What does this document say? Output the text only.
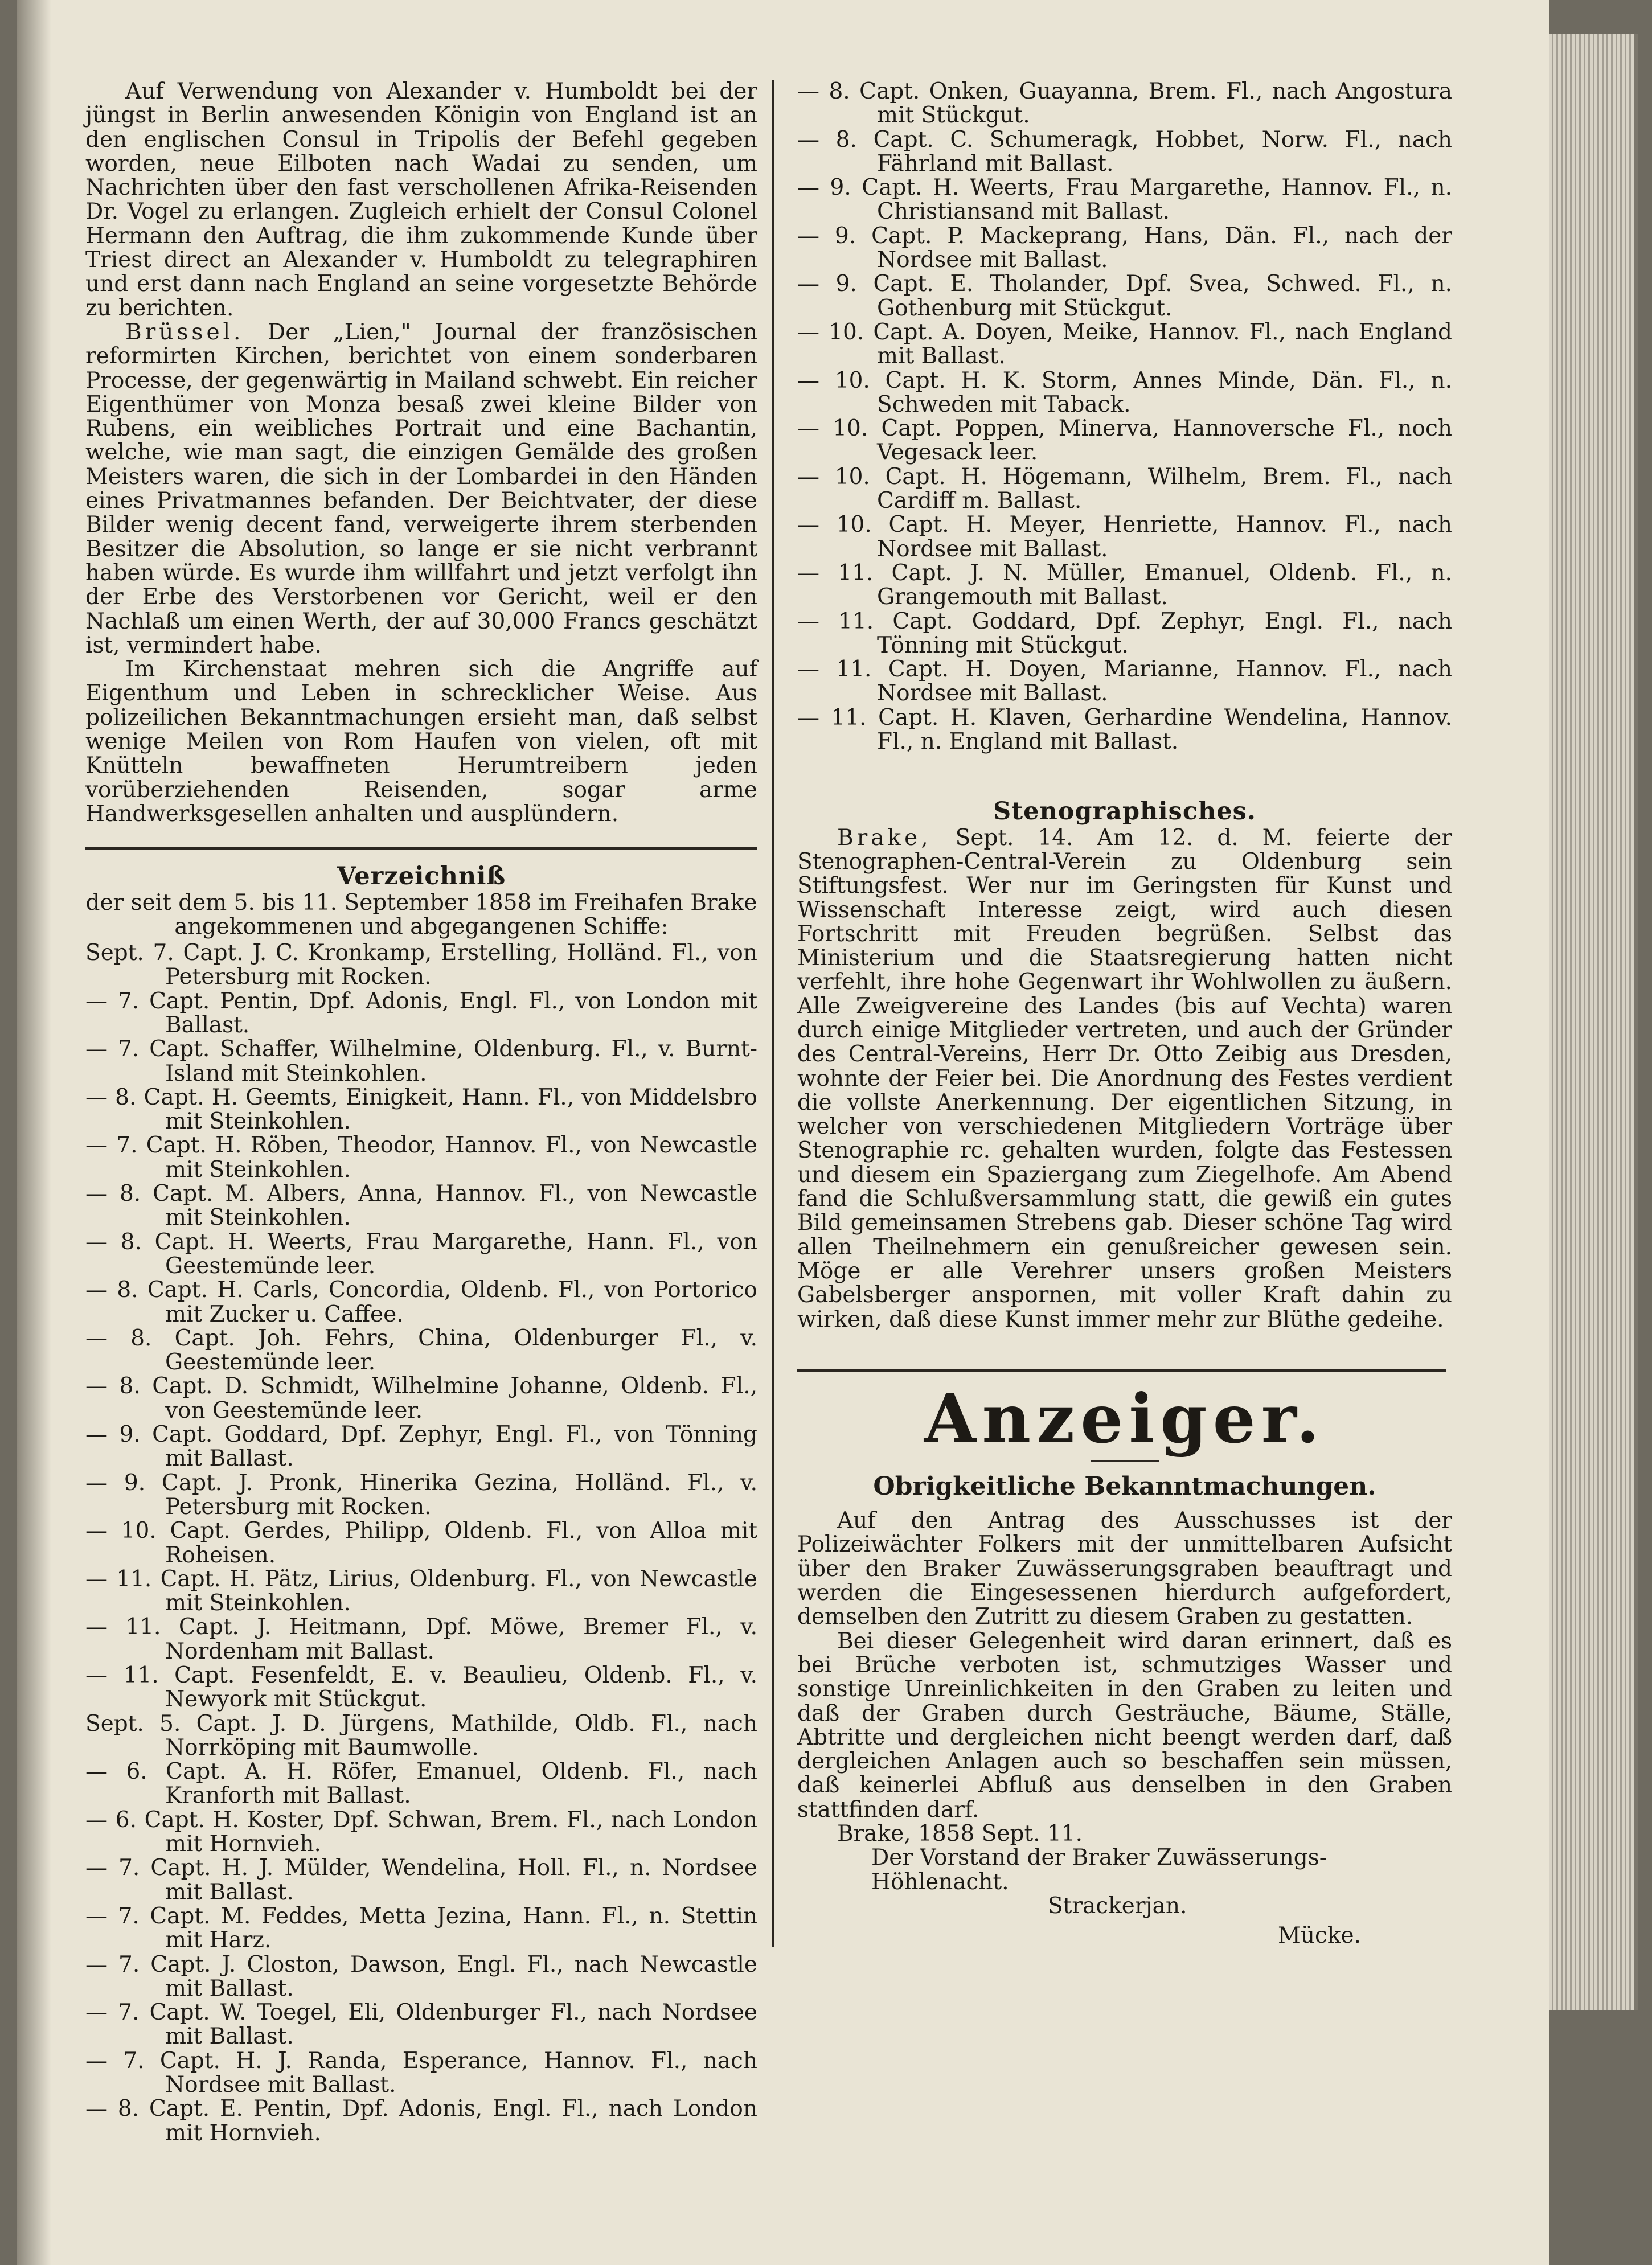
Auf Verwendung von Alexander v. Humboldt bei der jüngst in Berlin anwesenden Königin von England ist an den englischen Consul in Tripolis der Befehl gegeben worden, neue Eilboten nach Wadai zu senden, um Nachrichten über den fast verschollenen Afrika-Reisenden Dr. Vogel zu erlangen. Zugleich erhielt der Consul Colonel Hermann den Auftrag, die ihm zukommende Kunde über Triest direct an Alexander v. Humboldt zu telegraphiren und erst dann nach England an seine vorgesetzte Behörde zu berichten.

Brüssel. Der „Lien," Journal der französischen reformirten Kirchen, berichtet von einem sonderbaren Processe, der gegenwärtig in Mailand schwebt. Ein reicher Eigenthümer von Monza besaß zwei kleine Bilder von Rubens, ein weibliches Portrait und eine Bachantin, welche, wie man sagt, die einzigen Gemälde des großen Meisters waren, die sich in der Lombardei in den Händen eines Privatmannes befanden. Der Beichtvater, der diese Bilder wenig decent fand, verweigerte ihrem sterbenden Besitzer die Absolution, so lange er sie nicht verbrannt haben würde. Es wurde ihm willfahrt und jetzt verfolgt ihn der Erbe des Verstorbenen vor Gericht, weil er den Nachlaß um einen Werth, der auf 30,000 Francs geschätzt ist, vermindert habe.

Im Kirchenstaat mehren sich die Angriffe auf Eigenthum und Leben in schrecklicher Weise. Aus polizeilichen Bekanntmachungen ersieht man, daß selbst wenige Meilen von Rom Haufen von vielen, oft mit Knütteln bewaffneten Herumtreibern jeden vorüberziehenden Reisenden, sogar arme Handwerksgesellen anhalten und ausplündern.

Verzeichniß
der seit dem 5. bis 11. September 1858 im Freihafen Brake angekommenen und abgegangenen Schiffe:

Sept. 7. Capt. J. C. Kronkamp, Erstelling, Holländ. Fl., von Petersburg mit Rocken.

— 7. Capt. Pentin, Dpf. Adonis, Engl. Fl., von London mit Ballast.

— 7. Capt. Schaffer, Wilhelmine, Oldenburg. Fl., v. Burnt-Island mit Steinkohlen.

— 8. Capt. H. Geemts, Einigkeit, Hann. Fl., von Middelsbro mit Steinkohlen.

— 7. Capt. H. Röben, Theodor, Hannov. Fl., von Newcastle mit Steinkohlen.

— 8. Capt. M. Albers, Anna, Hannov. Fl., von Newcastle mit Steinkohlen.

— 8. Capt. H. Weerts, Frau Margarethe, Hann. Fl., von Geestemünde leer.

— 8. Capt. H. Carls, Concordia, Oldenb. Fl., von Portorico mit Zucker u. Caffee.

— 8. Capt. Joh. Fehrs, China, Oldenburger Fl., v. Geestemünde leer.

— 8. Capt. D. Schmidt, Wilhelmine Johanne, Oldenb. Fl., von Geestemünde leer.

— 9. Capt. Goddard, Dpf. Zephyr, Engl. Fl., von Tönning mit Ballast.

— 9. Capt. J. Pronk, Hinerika Gezina, Holländ. Fl., v. Petersburg mit Rocken.

— 10. Capt. Gerdes, Philipp, Oldenb. Fl., von Alloa mit Roheisen.

— 11. Capt. H. Pätz, Lirius, Oldenburg. Fl., von Newcastle mit Steinkohlen.

— 11. Capt. J. Heitmann, Dpf. Möwe, Bremer Fl., v. Nordenham mit Ballast.

— 11. Capt. Fesenfeldt, E. v. Beaulieu, Oldenb. Fl., v. Newyork mit Stückgut.

Sept. 5. Capt. J. D. Jürgens, Mathilde, Oldb. Fl., nach Norrköping mit Baumwolle.

— 6. Capt. A. H. Röfer, Emanuel, Oldenb. Fl., nach Kranforth mit Ballast.

— 6. Capt. H. Koster, Dpf. Schwan, Brem. Fl., nach London mit Hornvieh.

— 7. Capt. H. J. Mülder, Wendelina, Holl. Fl., n. Nordsee mit Ballast.

— 7. Capt. M. Feddes, Metta Jezina, Hann. Fl., n. Stettin mit Harz.

— 7. Capt. J. Closton, Dawson, Engl. Fl., nach Newcastle mit Ballast.

— 7. Capt. W. Toegel, Eli, Oldenburger Fl., nach Nordsee mit Ballast.

— 7. Capt. H. J. Randa, Esperance, Hannov. Fl., nach Nordsee mit Ballast.

— 8. Capt. E. Pentin, Dpf. Adonis, Engl. Fl., nach London mit Hornvieh.

— 8. Capt. Onken, Guayanna, Brem. Fl., nach Angostura mit Stückgut.

— 8. Capt. C. Schumeragk, Hobbet, Norw. Fl., nach Fährland mit Ballast.

— 9. Capt. H. Weerts, Frau Margarethe, Hannov. Fl., n. Christiansand mit Ballast.

— 9. Capt. P. Mackeprang, Hans, Dän. Fl., nach der Nordsee mit Ballast.

— 9. Capt. E. Tholander, Dpf. Svea, Schwed. Fl., n. Gothenburg mit Stückgut.

— 10. Capt. A. Doyen, Meike, Hannov. Fl., nach England mit Ballast.

— 10. Capt. H. K. Storm, Annes Minde, Dän. Fl., n. Schweden mit Taback.

— 10. Capt. Poppen, Minerva, Hannoversche Fl., noch Vegesack leer.

— 10. Capt. H. Högemann, Wilhelm, Brem. Fl., nach Cardiff m. Ballast.

— 10. Capt. H. Meyer, Henriette, Hannov. Fl., nach Nordsee mit Ballast.

— 11. Capt. J. N. Müller, Emanuel, Oldenb. Fl., n. Grangemouth mit Ballast.

— 11. Capt. Goddard, Dpf. Zephyr, Engl. Fl., nach Tönning mit Stückgut.

— 11. Capt. H. Doyen, Marianne, Hannov. Fl., nach Nordsee mit Ballast.

— 11. Capt. H. Klaven, Gerhardine Wendelina, Hannov. Fl., n. England mit Ballast.

Stenographisches.

Brake, Sept. 14. Am 12. d. M. feierte der Stenographen-Central-Verein zu Oldenburg sein Stiftungsfest. Wer nur im Geringsten für Kunst und Wissenschaft Interesse zeigt, wird auch diesen Fortschritt mit Freuden begrüßen. Selbst das Ministerium und die Staatsregierung hatten nicht verfehlt, ihre hohe Gegenwart ihr Wohlwollen zu äußern. Alle Zweigvereine des Landes (bis auf Vechta) waren durch einige Mitglieder vertreten, und auch der Gründer des Central-Vereins, Herr Dr. Otto Zeibig aus Dresden, wohnte der Feier bei. Die Anordnung des Festes verdient die vollste Anerkennung. Der eigentlichen Sitzung, in welcher von verschiedenen Mitgliedern Vorträge über Stenographie rc. gehalten wurden, folgte das Festessen und diesem ein Spaziergang zum Ziegelhofe. Am Abend fand die Schlußversammlung statt, die gewiß ein gutes Bild gemeinsamen Strebens gab. Dieser schöne Tag wird allen Theilnehmern ein genußreicher gewesen sein. Möge er alle Verehrer unsers großen Meisters Gabelsberger anspornen, mit voller Kraft dahin zu wirken, daß diese Kunst immer mehr zur Blüthe gedeihe.

Anzeiger.
Obrigkeitliche Bekanntmachungen.

Auf den Antrag des Ausschusses ist der Polizeiwächter Folkers mit der unmittelbaren Aufsicht über den Braker Zuwässerungsgraben beauftragt und werden die Eingesessenen hierdurch aufgefordert, demselben den Zutritt zu diesem Graben zu gestatten.

Bei dieser Gelegenheit wird daran erinnert, daß es bei Brüche verboten ist, schmutziges Wasser und sonstige Unreinlichkeiten in den Graben zu leiten und daß der Graben durch Gesträuche, Bäume, Ställe, Abtritte und dergleichen nicht beengt werden darf, daß dergleichen Anlagen auch so beschaffen sein müssen, daß keinerlei Abfluß aus denselben in den Graben stattfinden darf.

Brake, 1858 Sept. 11.

Der Vorstand der Braker Zuwässerungs-Höhlenacht.

Strackerjan.

Mücke.
